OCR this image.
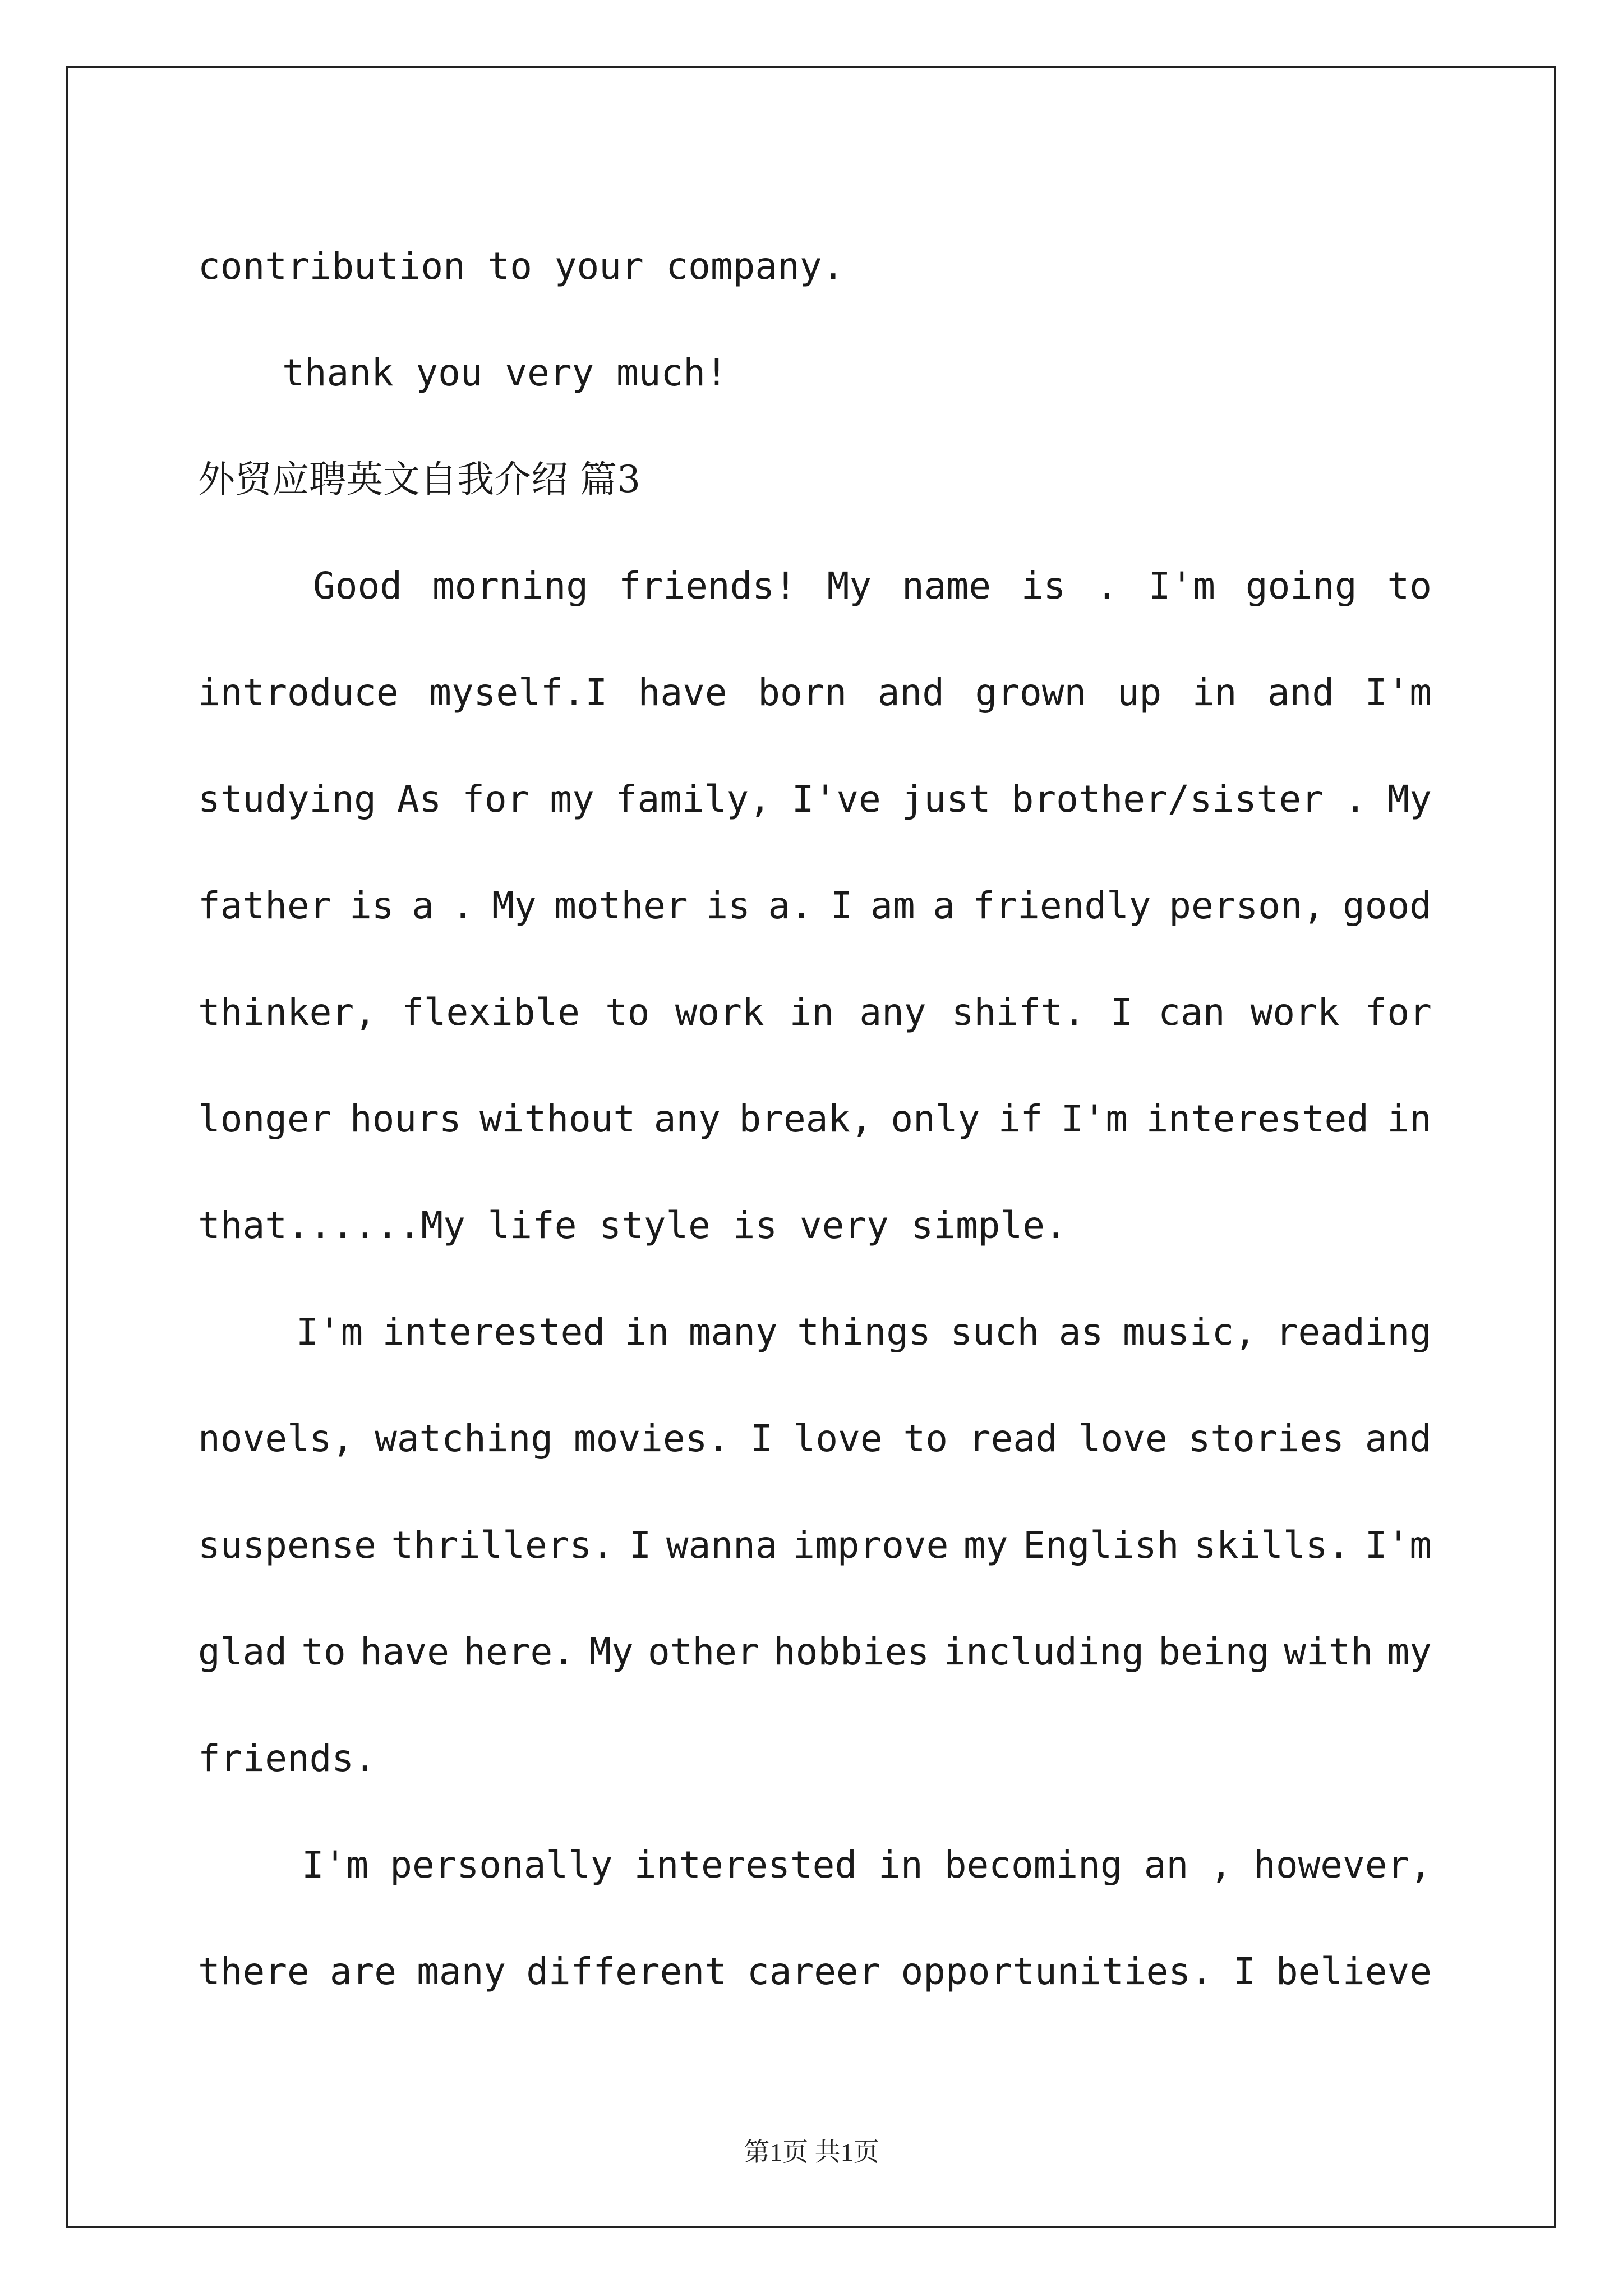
contribution to your company.
thank you very much!
外贸应聘英文自我介绍 篇3
Good morning friends! My name is . I'm going to
introduce myself.I have born and grown up in and I'm
studying As for my family, I've just brother/sister . My
father is a . My mother is a. I am a friendly person, good
thinker, flexible to work in any shift. I can work for
longer hours without any break, only if I'm interested in
that......My life style is very simple.
I'm interested in many things such as music, reading
novels, watching movies. I love to read love stories and
suspense thrillers. I wanna improve my English skills. I'm
glad to have here. My other hobbies including being with my
friends.
I'm personally interested in becoming an , however,
there are many different career opportunities. I believe
第1页 共1页
